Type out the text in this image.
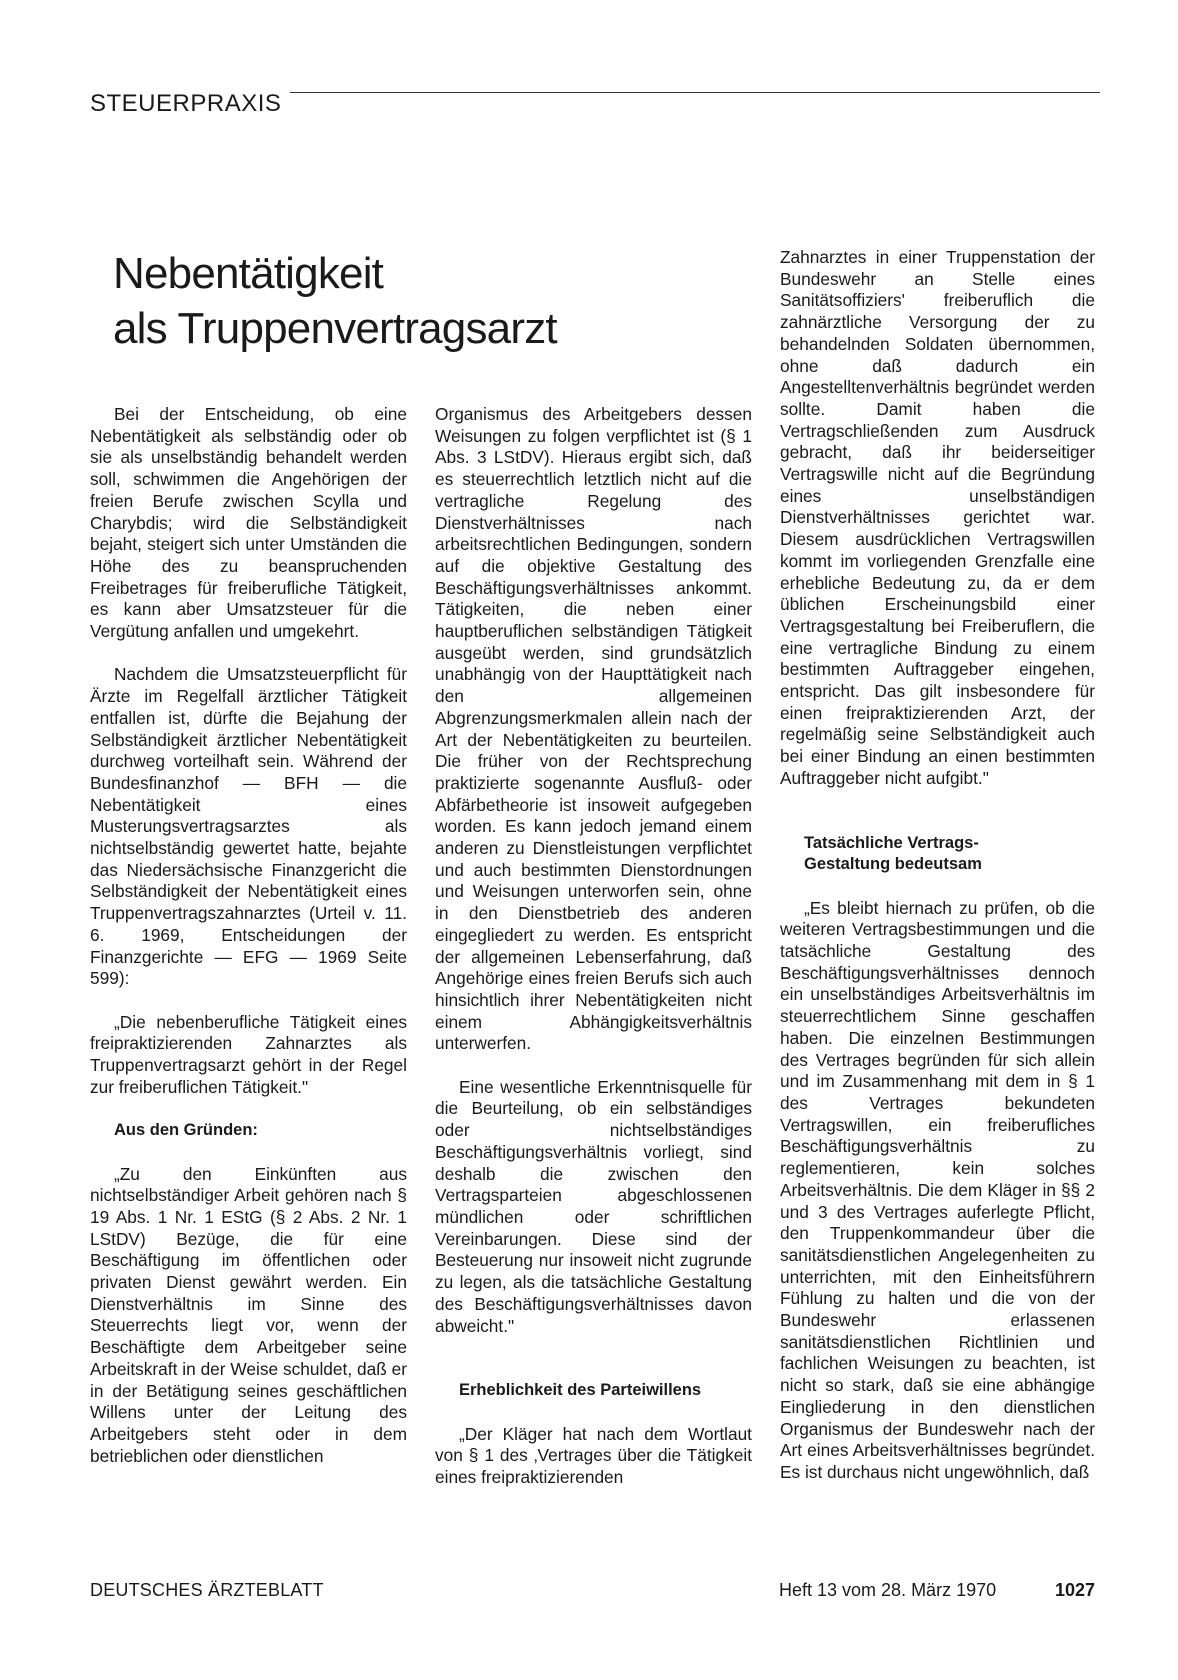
STEUERPRAXIS
Nebentätigkeit
als Truppenvertragsarzt

Bei der Entscheidung, ob eine Nebentätigkeit als selbständig oder ob sie als unselbständig behandelt werden soll, schwimmen die Angehörigen der freien Berufe zwischen Scylla und Charybdis; wird die Selbständigkeit bejaht, steigert sich unter Umständen die Höhe des zu beanspruchenden Freibetrages für freiberufliche Tätigkeit, es kann aber Umsatzsteuer für die Vergütung anfallen und umgekehrt.

Nachdem die Umsatzsteuerpflicht für Ärzte im Regelfall ärztlicher Tätigkeit entfallen ist, dürfte die Bejahung der Selbständigkeit ärztlicher Nebentätigkeit durchweg vorteilhaft sein. Während der Bundesfinanzhof — BFH — die Nebentätigkeit eines Musterungsvertragsarztes als nichtselbständig gewertet hatte, bejahte das Niedersächsische Finanzgericht die Selbständigkeit der Nebentätigkeit eines Truppenvertragszahnarztes (Urteil v. 11. 6. 1969, Entscheidungen der Finanzgerichte — EFG — 1969 Seite 599):

„Die nebenberufliche Tätigkeit eines freipraktizierenden Zahnarztes als Truppenvertragsarzt gehört in der Regel zur freiberuflichen Tätigkeit."

Aus den Gründen:

„Zu den Einkünften aus nichtselbständiger Arbeit gehören nach § 19 Abs. 1 Nr. 1 EStG (§ 2 Abs. 2 Nr. 1 LStDV) Bezüge, die für eine Beschäftigung im öffentlichen oder privaten Dienst gewährt werden. Ein Dienstverhältnis im Sinne des Steuerrechts liegt vor, wenn der Beschäftigte dem Arbeitgeber seine Arbeitskraft in der Weise schuldet, daß er in der Betätigung seines geschäftlichen Willens unter der Leitung des Arbeitgebers steht oder in dem betrieblichen oder dienstlichen

Organismus des Arbeitgebers dessen Weisungen zu folgen verpflichtet ist (§ 1 Abs. 3 LStDV). Hieraus ergibt sich, daß es steuerrechtlich letztlich nicht auf die vertragliche Regelung des Dienstverhältnisses nach arbeitsrechtlichen Bedingungen, sondern auf die objektive Gestaltung des Beschäftigungsverhältnisses ankommt. Tätigkeiten, die neben einer hauptberuflichen selbständigen Tätigkeit ausgeübt werden, sind grundsätzlich unabhängig von der Haupttätigkeit nach den allgemeinen Abgrenzungsmerkmalen allein nach der Art der Nebentätigkeiten zu beurteilen. Die früher von der Rechtsprechung praktizierte sogenannte Ausfluß- oder Abfärbetheorie ist insoweit aufgegeben worden. Es kann jedoch jemand einem anderen zu Dienstleistungen verpflichtet und auch bestimmten Dienstordnungen und Weisungen unterworfen sein, ohne in den Dienstbetrieb des anderen eingegliedert zu werden. Es entspricht der allgemeinen Lebenserfahrung, daß Angehörige eines freien Berufs sich auch hinsichtlich ihrer Nebentätigkeiten nicht einem Abhängigkeitsverhältnis unterwerfen.

Eine wesentliche Erkenntnisquelle für die Beurteilung, ob ein selbständiges oder nichtselbständiges Beschäftigungsverhältnis vorliegt, sind deshalb die zwischen den Vertragsparteien abgeschlossenen mündlichen oder schriftlichen Vereinbarungen. Diese sind der Besteuerung nur insoweit nicht zugrunde zu legen, als die tatsächliche Gestaltung des Beschäftigungsverhältnisses davon abweicht."

Erheblichkeit des Parteiwillens

„Der Kläger hat nach dem Wortlaut von § 1 des ‚Vertrages über die Tätigkeit eines freipraktizierenden

Zahnarztes in einer Truppenstation der Bundeswehr an Stelle eines Sanitätsoffiziers' freiberuflich die zahnärztliche Versorgung der zu behandelnden Soldaten übernommen, ohne daß dadurch ein Angestelltenverhältnis begründet werden sollte. Damit haben die Vertragschließenden zum Ausdruck gebracht, daß ihr beiderseitiger Vertragswille nicht auf die Begründung eines unselbständigen Dienstverhältnisses gerichtet war. Diesem ausdrücklichen Vertragswillen kommt im vorliegenden Grenzfalle eine erhebliche Bedeutung zu, da er dem üblichen Erscheinungsbild einer Vertragsgestaltung bei Freiberuflern, die eine vertragliche Bindung zu einem bestimmten Auftraggeber eingehen, entspricht. Das gilt insbesondere für einen freipraktizierenden Arzt, der regelmäßig seine Selbständigkeit auch bei einer Bindung an einen bestimmten Auftraggeber nicht aufgibt."

Tatsächliche Vertrags-
Gestaltung bedeutsam

„Es bleibt hiernach zu prüfen, ob die weiteren Vertragsbestimmungen und die tatsächliche Gestaltung des Beschäftigungsverhältnisses dennoch ein unselbständiges Arbeitsverhältnis im steuerrechtlichem Sinne geschaffen haben. Die einzelnen Bestimmungen des Vertrages begründen für sich allein und im Zusammenhang mit dem in § 1 des Vertrages bekundeten Vertragswillen, ein freiberufliches Beschäftigungsverhältnis zu reglementieren, kein solches Arbeitsverhältnis. Die dem Kläger in §§ 2 und 3 des Vertrages auferlegte Pflicht, den Truppenkommandeur über die sanitätsdienstlichen Angelegenheiten zu unterrichten, mit den Einheitsführern Fühlung zu halten und die von der Bundeswehr erlassenen sanitätsdienstlichen Richtlinien und fachlichen Weisungen zu beachten, ist nicht so stark, daß sie eine abhängige Eingliederung in den dienstlichen Organismus der Bundeswehr nach der Art eines Arbeitsverhältnisses begründet. Es ist durchaus nicht ungewöhnlich, daß

DEUTSCHES ÄRZTEBLATT	Heft 13 vom 28. März 1970	1027
